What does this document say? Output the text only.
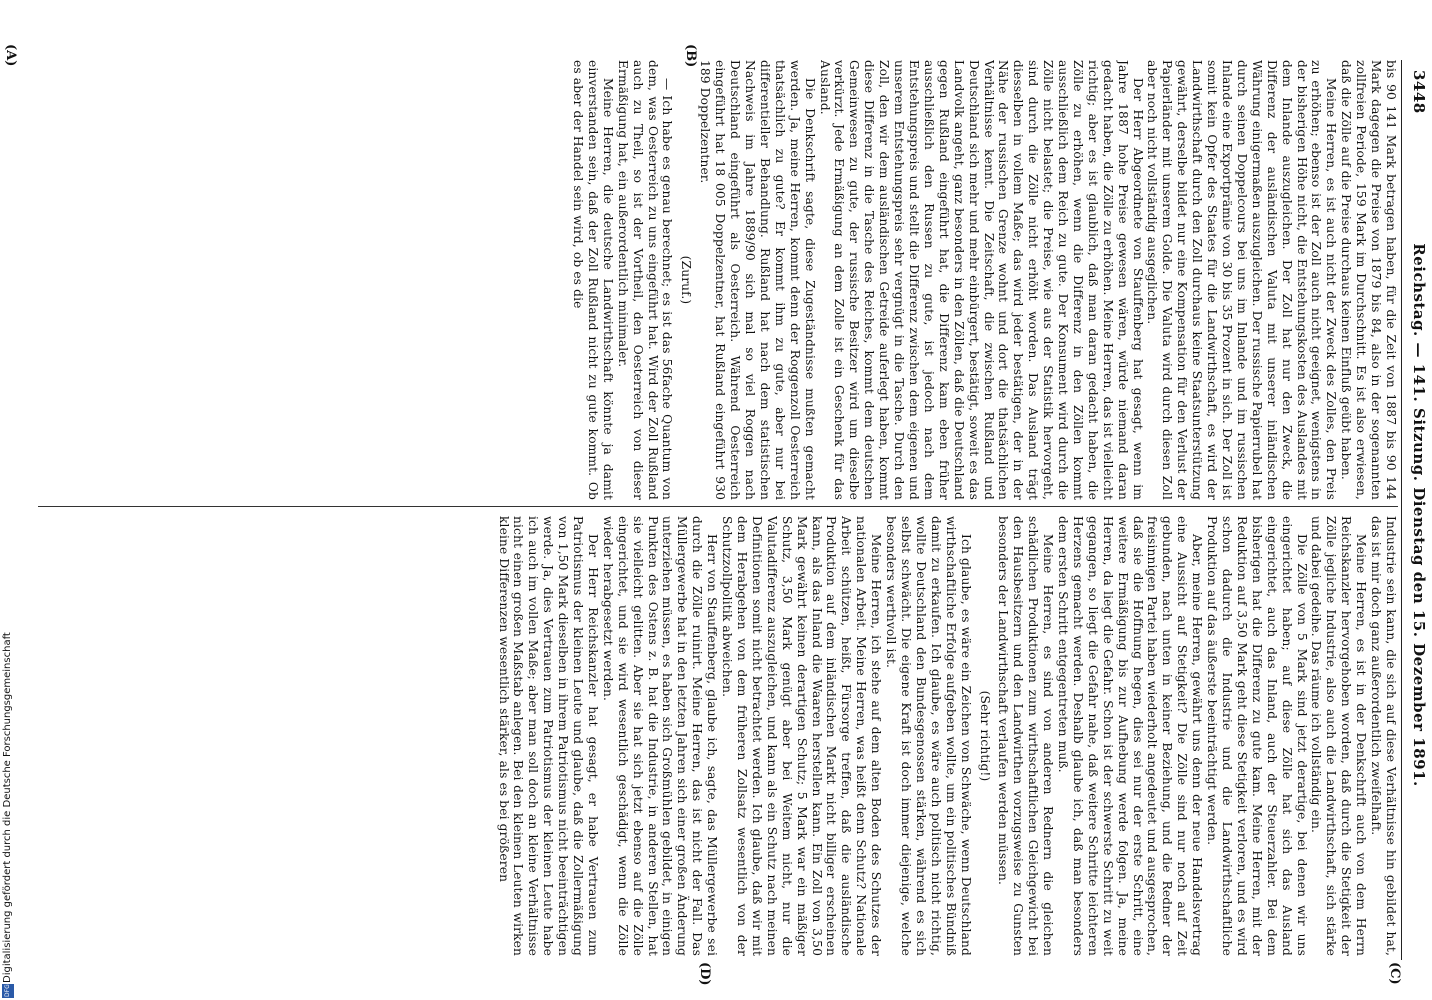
3448
Reichstag. — 141. Sitzung. Dienstag den 15. Dezember 1891.
(A)	(B)
(C)
(D)

bis 90 141 Mark betragen haben, für die Zeit von 1887 bis 90 144 Mark dagegen die Preise von 1879 bis 84, also in der sogenannten zollfreien Periode, 159 Mark im Durchschnitt. Es ist also erwiesen, daß die Zölle auf die Preise durchaus keinen Einfluß geübt haben.

Meine Herren, es ist auch nicht der Zweck des Zolles, den Preis zu erhöhen; ebenso ist der Zoll auch nicht geeignet, wenigstens in der bisherigen Höhe nicht, die Entstehungskosten des Auslandes mit dem Inlande auszugleichen. Der Zoll hat nur den Zweck, die Differenz der ausländischen Valuta mit unserer inländischen Währung einigermaßen auszugleichen. Der russische Papierrubel hat durch seinen Doppelcours bei uns im Inlande und im russischen Inlande eine Exportprämie von 30 bis 35 Prozent in sich. Der Zoll ist somit kein Opfer des Staates für die Landwirthschaft, es wird der Landwirthschaft durch den Zoll durchaus keine Staatsunterstützung gewährt, derselbe bildet nur eine Kompensation für den Verlust der Papierländer mit unserem Golde. Die Valuta wird durch diesen Zoll aber noch nicht vollständig ausgeglichen.

Der Herr Abgeordnete von Stauffenberg hat gesagt, wenn im Jahre 1887 hohe Preise gewesen wären, würde niemand daran gedacht haben, die Zölle zu erhöhen. Meine Herren, das ist vielleicht richtig; aber es ist glaublich, daß man daran gedacht haben, die Zölle zu erhöhen, wenn die Differenz in den Zöllen kommt ausschließlich dem Reich zu gute. Der Konsument wird durch die Zölle nicht belastet; die Preise, wie aus der Statistik hervorgeht, sind durch die Zölle nicht erhöht worden. Das Ausland trägt diesselben in vollem Maße; das wird jeder bestätigen, der in der Nähe der russischen Grenze wohnt und dort die thatsächlichen Verhältnisse kennt. Die Zeitschaft, die zwischen Rußland und Deutschland sich mehr und mehr einbürgert, bestätigt, soweit es das Landvolk angeht, ganz besonders in den Zöllen, daß die Deutschland gegen Rußland eingeführt hat, die Differenz kam eben früher ausschließlich den Russen zu gute, ist jedoch nach dem Entstehungspreis und stellt die Differenz zwischen dem eigenen und unserem Entstehungspreis sehr vergnügt in die Tasche. Durch den Zoll, den wir dem ausländischen Getreide auferlegt haben, kommt diese Differenz in die Tasche des Reiches, kommt dem deutschen Gemeinwesen zu gute, der russische Besitzer wird um dieselbe verkürzt. Jede Ermäßigung an dem Zolle ist ein Geschenk für das Ausland.

Die Denkschrift sagte, diese Zugeständnisse mußten gemacht werden. Ja, meine Herren, kommt denn der Roggenzoll Oesterreich thatsächlich zu gute? Er kommt ihm zu gute, aber nur bei differentieller Behandlung. Rußland hat nach dem statistischen Nachweis im Jahre 1889/90 sich mal so viel Roggen nach Deutschland eingeführt als Oesterreich. Während Oesterreich eingeführt hat 18 005 Doppelzentner, hat Rußland eingeführt 930 189 Doppelzentner.

(Zuruf.)

— Ich habe es genau berechnet; es ist das 56fache Quantum von dem, was Oesterreich zu uns eingeführt hat. Wird der Zoll Rußland auch zu Theil, so ist der Vortheil, den Oesterreich von dieser Ermäßigung hat, ein außerordentlich minimaler.

Meine Herren, die deutsche Landwirthschaft könnte ja damit einverstanden sein, daß der Zoll Rußland nicht zu gute kommt. Ob es aber der Handel sein wird, ob es die

Industrie sein kann, die sich auf diese Verhältnisse hin gebildet hat, das ist mir doch ganz außerordentlich zweifelhaft.

Meine Herren, es ist in der Denkschrift auch von dem Herrn Reichskanzler hervorgehoben worden, daß durch die Stetigkeit der Zölle jegliche Industrie, also auch die Landwirthschaft, sich stärke und dabei gedeihe. Das räume ich vollständig ein.

Die Zölle von 5 Mark sind jetzt derartige, bei denen wir uns eingerichtet haben; auf diese Zölle hat sich das Ausland eingerichtet, auch das Inland, auch der Steuerzahler. Bei dem bisherigen hat die Differenz zu gute kam. Meine Herren, mit der Reduktion auf 3,50 Mark geht diese Stetigkeit verloren, und es wird schon dadurch die Industrie und die Landwirthschaftliche Produktion auf das äußerste beeinträchtigt werden.

Aber, meine Herren, gewährt uns denn der neue Handelsvertrag eine Aussicht auf Stetigkeit? Die Zölle sind nur noch auf Zeit gebunden, nach unten in keiner Beziehung, und die Redner der freisinnigen Partei haben wiederholt angedeutet und ausgesprochen, daß sie die Hoffnung hegen, dies sei nur der erste Schritt, eine weitere Ermäßigung bis zur Aufhebung werde folgen. Ja, meine Herren, da liegt die Gefahr. Schon ist der schwerste Schritt zu weit gegangen, so liegt die Gefahr nahe, daß weitere Schritte leichteren Herzens gemacht werden. Deshalb glaube ich, daß man besonders dem ersten Schritt entgegentreten muß.

Meine Herren, es sind von anderen Rednern die gleichen schädlichen Produktionen zum wirthschaftlichen Gleichgewicht bei den Hausbesitzern und den Landwirthen vorzugsweise zu Gunsten besonders der Landwirthschaft verlaufen werden müssen.

(Sehr richtig!)

Ich glaube, es wäre ein Zeichen von Schwäche, wenn Deutschland wirthschaftliche Erfolge aufgeben wollte, um ein politisches Bündniß damit zu erkaufen. Ich glaube, es wäre auch politisch nicht richtig, wollte Deutschland den Bundesgenossen stärken, während es sich selbst schwächt. Die eigene Kraft ist doch immer diejenige, welche besonders werthvoll ist.

Meine Herren, ich stehe auf dem alten Boden des Schutzes der nationalen Arbeit. Meine Herren, was heißt denn Schutz? Nationale Arbeit schützen, heißt, Fürsorge treffen, daß die ausländische Produktion auf dem inländischen Markt nicht billiger erscheinen kann, als das Inland die Waaren herstellen kann. Ein Zoll von 3,50 Mark gewährt keinen derartigen Schutz; 5 Mark war ein mäßiger Schutz, 3,50 Mark genügt aber bei Weitem nicht, nur die Valutadifferenz auszugleichen, und kann als ein Schutz nach meinen Definitionen somit nicht betrachtet werden. Ich glaube, daß wir mit dem Herabgehen von dem früheren Zollsatz wesentlich von der Schutzzollpolitik abweichen.

Herr von Stauffenberg, glaube ich, sagte, das Müllergewerbe sei durch die Zölle ruinirt. Meine Herren, das ist nicht der Fall. Das Müllergewerbe hat in den letzten Jahren sich einer großen Änderung unterziehen müssen, es haben sich Großmühlen gebildet, in einigen Punkten des Ostens z. B. hat die Industrie, in anderen Stellen, hat sie vielleicht gelitten. Aber sie hat sich jetzt ebenso auf die Zölle eingerichtet, und sie wird wesentlich geschädigt, wenn die Zölle wieder herabgesetzt werden.

Der Herr Reichskanzler hat gesagt, er habe Vertrauen zum Patriotismus der kleinen Leute und glaube, daß die Zollermäßigung von 1,50 Mark dieselben in ihrem Patriotismus nicht beeinträchtigen werde. Ja, dies Vertrauen zum Patriotismus der kleinen Leute habe ich auch im vollen Maße; aber man soll doch an kleine Verhältnisse nicht einen großen Maßstab anlegen. Bei den kleinen Leuten wirken kleine Differenzen wesentlich stärker, als es bei größeren

Digitalisierung gefördert durch die Deutsche Forschungsgemeinschaft
DFG
